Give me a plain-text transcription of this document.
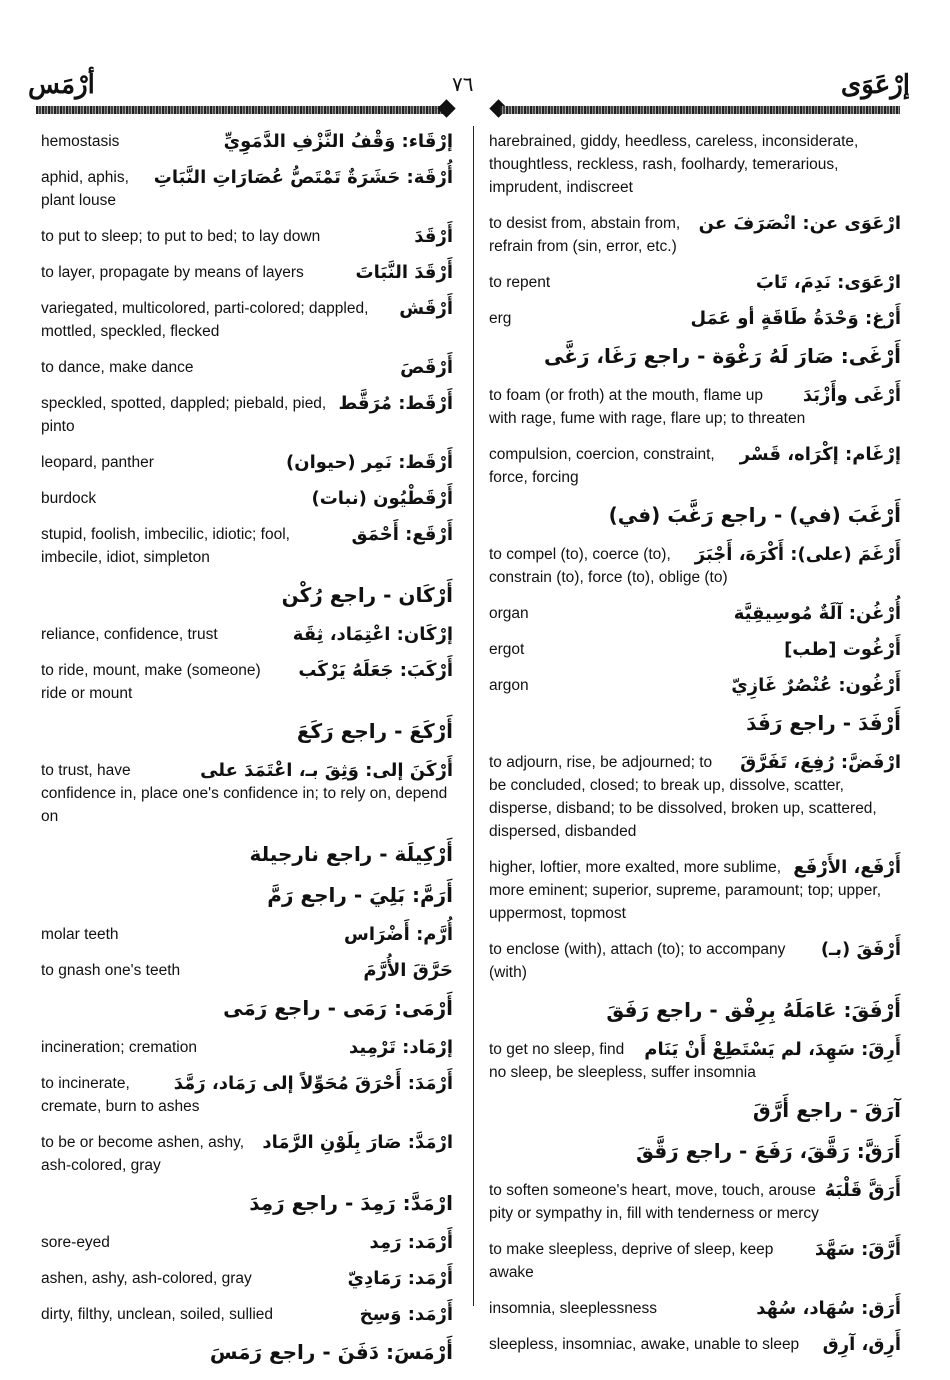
أرْمَس	٧٦	إرْعَوَى
إرْقَاء: وَقْفُ النَّزْفِ الدَّمَوِيِّ
hemostasis
أُرْقَة: حَشَرَةٌ تَمْتَصُّ عُصَارَاتِ النَّبَاتِ
aphid, aphis, plant louse
أَرْقَدَ
to put to sleep; to put to bed; to lay down
أَرْقَدَ النَّبَاتَ
to layer, propagate by means of layers
أَرْقَش
variegated, multicolored, parti-colored; dappled, mottled, speckled, flecked
أَرْقَصَ
to dance, make dance
أَرْقَط: مُرَقَّط
speckled, spotted, dappled; piebald, pied, pinto
أَرْقَط: نَمِر (حيوان)
leopard, panther
أَرْقَطْيُون (نبات)
burdock
أَرْقَع: أَحْمَق
stupid, foolish, imbecilic, idiotic; fool, imbecile, idiot, simpleton
أَرْكَان - راجع رُكْن
إرْكَان: اعْتِمَاد، ثِقَة
reliance, confidence, trust
أَرْكَبَ: جَعَلَهُ يَرْكَب
to ride, mount, make (someone) ride or mount
أَرْكَعَ - راجع رَكَعَ
أَرْكَنَ إلى: وَثِقَ بـ، اعْتَمَدَ على
to trust, have confidence in, place one's confidence in; to rely on, depend on
أَرْكِيلَة - راجع نارجيلة
أَرَمَّ: بَلِيَ - راجع رَمَّ
أُرَّم: أَضْرَاس
molar teeth
حَرَّقَ الأُرَّمَ
to gnash one's teeth
أَرْمَى: رَمَى - راجع رَمَى
إرْمَاد: تَرْمِيد
incineration; cremation
أَرْمَدَ: أَحْرَقَ مُحَوِّلاً إلى رَمَاد، رَمَّدَ
to incinerate, cremate, burn to ashes
ارْمَدَّ: صَارَ بِلَوْنِ الرَّمَاد
to be or become ashen, ashy, ash-colored, gray
ارْمَدَّ: رَمِدَ - راجع رَمِدَ
أَرْمَد: رَمِد
sore-eyed
أَرْمَد: رَمَادِيّ
ashen, ashy, ash-colored, gray
أَرْمَد: وَسِخ
dirty, filthy, unclean, soiled, sullied
أَرْمَسَ: دَفَنَ - راجع رَمَسَ
harebrained, giddy, heedless, careless, inconsiderate, thoughtless, reckless, rash, foolhardy, temerarious, imprudent, indiscreet
ارْعَوَى عن: انْصَرَفَ عن
to desist from, abstain from, refrain from (sin, error, etc.)
ارْعَوَى: نَدِمَ، تَابَ
to repent
أَرْغ: وَحْدَةُ طَاقَةٍ أو عَمَل
erg
أَرْغَى: صَارَ لَهُ رَغْوَة - راجع رَغَا، رَغَّى
أَرْغَى وأَزْبَدَ
to foam (or froth) at the mouth, flame up with rage, fume with rage, flare up; to threaten
إرْغَام: إكْرَاه، قَسْر
compulsion, coercion, constraint, force, forcing
أَرْغَبَ (في) - راجع رَغَّبَ (في)
أَرْغَمَ (على): أَكْرَهَ، أَجْبَرَ
to compel (to), coerce (to), constrain (to), force (to), oblige (to)
أُرْغُن: آلَةٌ مُوسِيقِيَّة
organ
أَرْغُوت [طب]
ergot
أَرْغُون: عُنْصُرٌ غَازِيّ
argon
أَرْفَدَ - راجع رَفَدَ
ارْفَضَّ: رُفِعَ، تَفَرَّقَ
to adjourn, rise, be adjourned; to be concluded, closed; to break up, dissolve, scatter, disperse, disband; to be dissolved, broken up, scattered, dispersed, disbanded
أَرْفَع، الأَرْفَع
higher, loftier, more exalted, more sublime, more eminent; superior, supreme, paramount; top; upper, uppermost, topmost
أَرْفَقَ (بـ)
to enclose (with), attach (to); to accompany (with)
أَرْفَقَ: عَامَلَهُ بِرِفْق - راجع رَفَقَ
أَرِقَ: سَهِدَ، لم يَسْتَطِعْ أَنْ يَنَام
to get no sleep, find no sleep, be sleepless, suffer insomnia
آرَقَ - راجع أَرَّقَ
أَرَقَّ: رَقَّقَ، رَفَعَ - راجع رَقَّقَ
أَرَقَّ قَلْبَهُ
to soften someone's heart, move, touch, arouse pity or sympathy in, fill with tenderness or mercy
أَرَّقَ: سَهَّدَ
to make sleepless, deprive of sleep, keep awake
أَرَق: سُهَاد، سُهْد
insomnia, sleeplessness
أَرِق، آرِق
sleepless, insomniac, awake, unable to sleep
